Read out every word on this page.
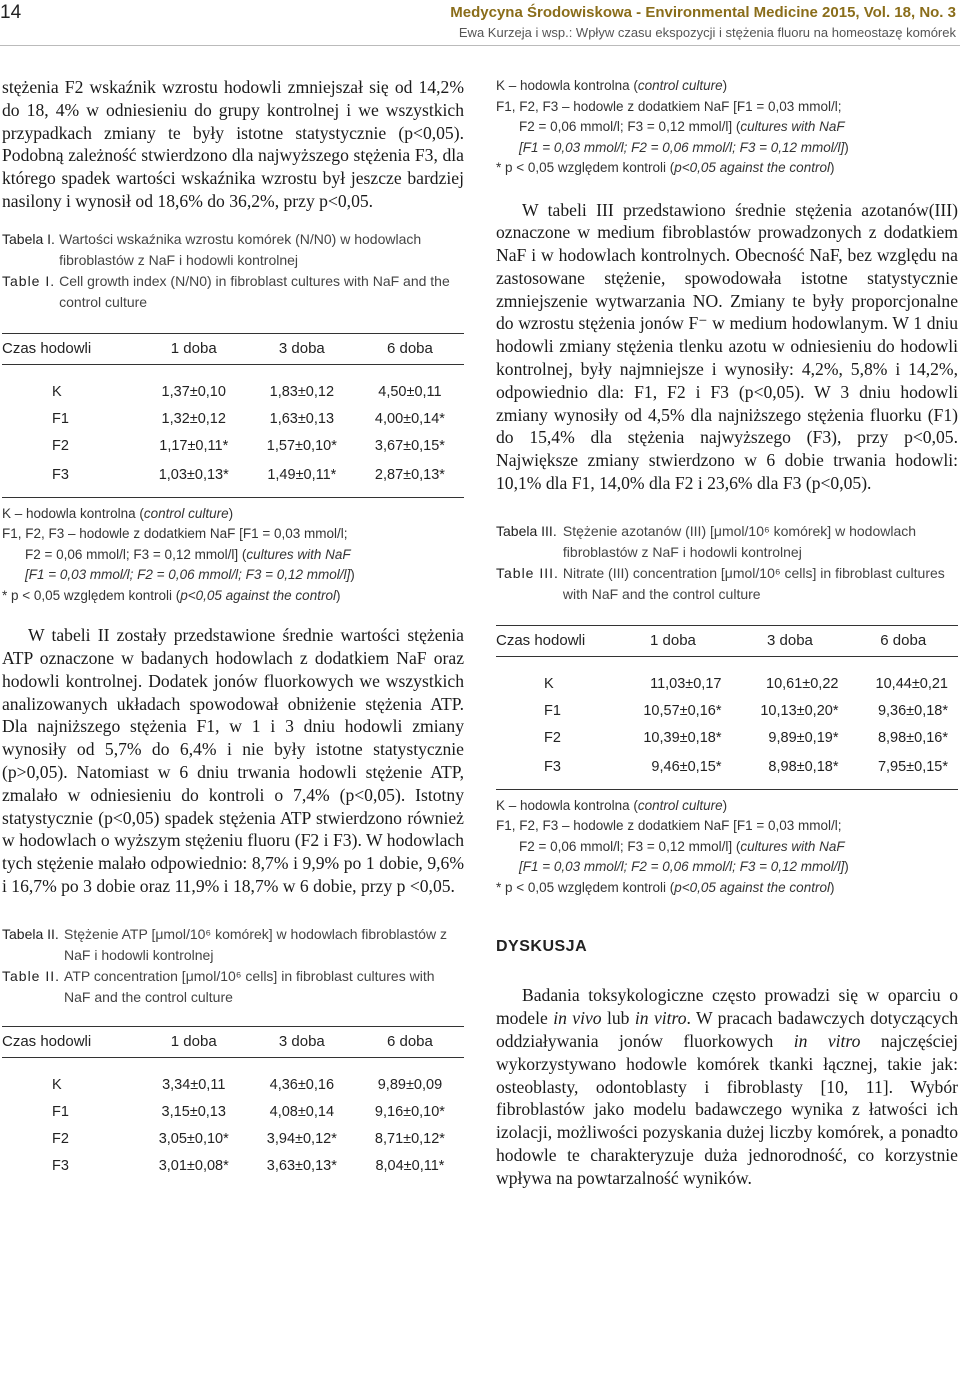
14	Medycyna Środowiskowa - Environmental Medicine 2015, Vol. 18, No. 3
Ewa Kurzeja i wsp.: Wpływ czasu ekspozycji i stężenia fluoru na homeostazę komórek

stężenia F2 wskaźnik wzrostu hodowli zmniejszał się od 14,2% do 18, 4% w odniesieniu do grupy kontrolnej i we wszystkich przypadkach zmiany te były istotne statystycznie (p<0,05). Podobną zależność stwierdzono dla najwyższego stężenia F3, dla którego spadek wartości wskaźnika wzrostu był jeszcze bardziej nasilony i wynosił od 18,6% do 36,2%, przy p<0,05.

Tabela I. Wartości wskaźnika wzrostu komórek (N/N0) w hodowlach fibroblastów z NaF i hodowli kontrolnej
Table I. Cell growth index (N/N0) in fibroblast cultures with NaF and the control culture
Czas hodowli	1 doba	3 doba	6 doba

K	1,37±0,10	1,83±0,12	4,50±0,11
F1	1,32±0,12	1,63±0,13	4,00±0,14*
F2	1,17±0,11*	1,57±0,10*	3,67±0,15*
F3	1,03±0,13*	1,49±0,11*	2,87±0,13*
K – hodowla kontrolna (control culture)
F1, F2, F3 – hodowle z dodatkiem NaF [F1 = 0,03 mmol/l;
F2 = 0,06 mmol/l; F3 = 0,12 mmol/l] (cultures with NaF
[F1 = 0,03 mmol/l; F2 = 0,06 mmol/l; F3 = 0,12 mmol/l])
* p < 0,05 względem kontroli (p<0,05 against the control)

W tabeli II zostały przedstawione średnie wartości stężenia ATP oznaczone w badanych hodowlach z dodatkiem NaF oraz hodowli kontrolnej. Dodatek jonów fluorkowych we wszystkich analizowanych układach spowodował obniżenie stężenia ATP. Dla najniższego stężenia F1, w 1 i 3 dniu hodowli zmiany wynosiły od 5,7% do 6,4% i nie były istotne statystycznie (p>0,05). Natomiast w 6 dniu trwania hodowli stężenie ATP, zmalało w odniesieniu do kontroli o 7,4% (p<0,05). Istotny statystycznie (p<0,05) spadek stężenia ATP stwierdzono również w hodowlach o wyższym stężeniu fluoru (F2 i F3). W hodowlach tych stężenie malało odpowiednio: 8,7% i 9,9% po 1 dobie, 9,6% i 16,7% po 3 dobie oraz 11,9% i 18,7% w 6 dobie, przy p <0,05.

Tabela II. Stężenie ATP [μmol/10⁶ komórek] w hodowlach fibroblastów z NaF i hodowli kontrolnej
Table II. ATP concentration [μmol/10⁶ cells] in fibroblast cultures with NaF and the control culture
Czas hodowli	1 doba	3 doba	6 doba

K	3,34±0,11	4,36±0,16	9,89±0,09
F1	3,15±0,13	4,08±0,14	9,16±0,10*
F2	3,05±0,10*	3,94±0,12*	8,71±0,12*
F3	3,01±0,08*	3,63±0,13*	8,04±0,11*
K – hodowla kontrolna (control culture)
F1, F2, F3 – hodowle z dodatkiem NaF [F1 = 0,03 mmol/l;
F2 = 0,06 mmol/l; F3 = 0,12 mmol/l] (cultures with NaF
[F1 = 0,03 mmol/l; F2 = 0,06 mmol/l; F3 = 0,12 mmol/l])
* p < 0,05 względem kontroli (p<0,05 against the control)

W tabeli III przedstawiono średnie stężenia azotanów(III) oznaczone w medium fibroblastów prowadzonych z dodatkiem NaF i w hodowlach kontrolnych. Obecność NaF, bez względu na zastosowane stężenie, spowodowała istotne statystycznie zmniejszenie wytwarzania NO. Zmiany te były proporcjonalne do wzrostu stężenia jonów F⁻ w medium hodowlanym. W 1 dniu hodowli zmiany stężenia tlenku azotu w odniesieniu do hodowli kontrolnej, były najmniejsze i wynosiły: 4,2%, 5,8% i 14,2%, odpowiednio dla: F1, F2 i F3 (p<0,05). W 3 dniu hodowli zmiany wynosiły od 4,5% dla najniższego stężenia fluorku (F1) do 15,4% dla stężenia najwyższego (F3), przy p<0,05. Największe zmiany stwierdzono w 6 dobie trwania hodowli: 10,1% dla F1, 14,0% dla F2 i 23,6% dla F3 (p<0,05).

Tabela III. Stężenie azotanów (III) [μmol/10⁶ komórek] w hodowlach fibroblastów z NaF i hodowli kontrolnej
Table III. Nitrate (III) concentration [μmol/10⁶ cells] in fibroblast cultures with NaF and the control culture
Czas hodowli	1 doba	3 doba	6 doba

K	11,03±0,17	10,61±0,22	10,44±0,21
F1	10,57±0,16*	10,13±0,20*	9,36±0,18*
F2	10,39±0,18*	9,89±0,19*	8,98±0,16*
F3	9,46±0,15*	8,98±0,18*	7,95±0,15*
K – hodowla kontrolna (control culture)
F1, F2, F3 – hodowle z dodatkiem NaF [F1 = 0,03 mmol/l;
F2 = 0,06 mmol/l; F3 = 0,12 mmol/l] (cultures with NaF
[F1 = 0,03 mmol/l; F2 = 0,06 mmol/l; F3 = 0,12 mmol/l])
* p < 0,05 względem kontroli (p<0,05 against the control)
DYSKUSJA

Badania toksykologiczne często prowadzi się w oparciu o modele in vivo lub in vitro. W pracach badawczych dotyczących oddziaływania jonów fluorkowych in vitro najczęściej wykorzystywano hodowle komórek tkanki łącznej, takie jak: osteoblasty, odontoblasty i fibroblasty [10, 11]. Wybór fibroblastów jako modelu badawczego wynika z łatwości ich izolacji, możliwości pozyskania dużej liczby komórek, a ponadto hodowle te charakteryzuje duża jednorodność, co korzystnie wpływa na powtarzalność wyników.
